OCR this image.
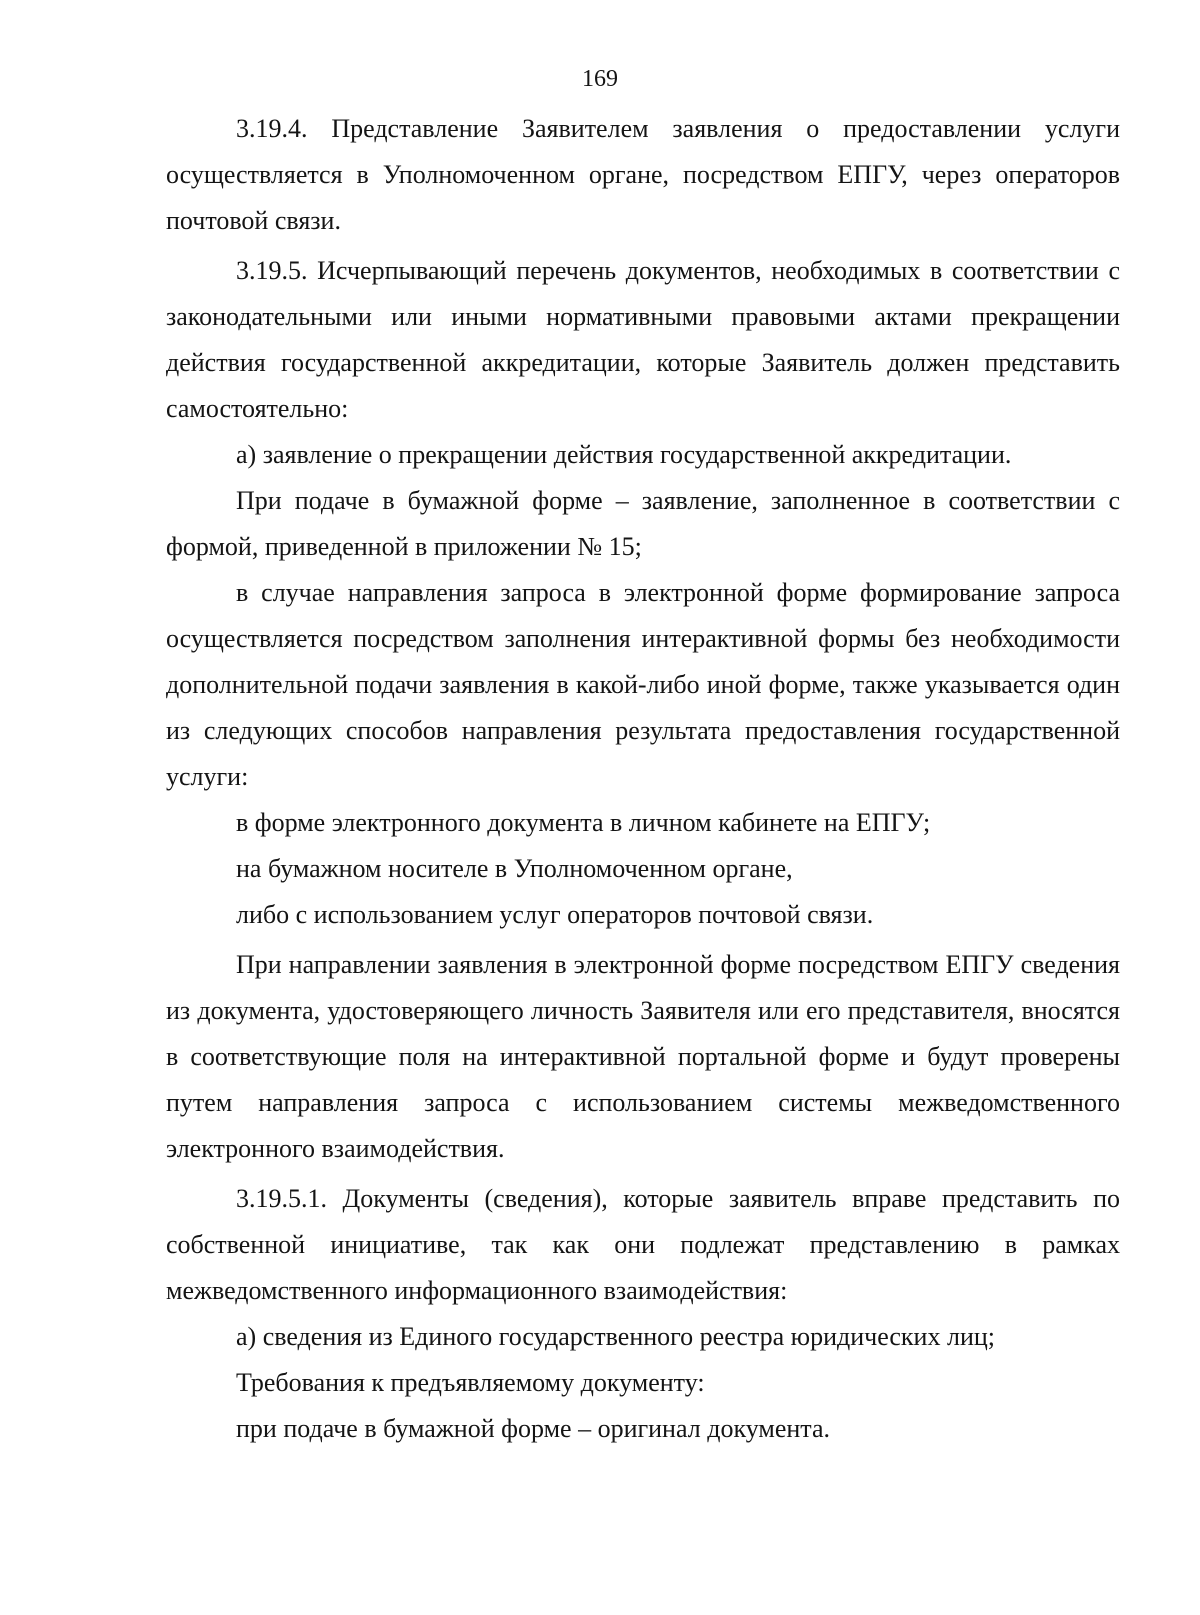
169

3.19.4. Представление Заявителем заявления о предоставлении услуги осуществляется в Уполномоченном органе, посредством ЕПГУ, через операторов почтовой связи.

3.19.5. Исчерпывающий перечень документов, необходимых в соответствии с законодательными или иными нормативными правовыми актами прекращении действия государственной аккредитации, которые Заявитель должен представить самостоятельно:

а) заявление о прекращении действия государственной аккредитации.

При подаче в бумажной форме – заявление, заполненное в соответствии с формой, приведенной в приложении № 15;

в случае направления запроса в электронной форме формирование запроса осуществляется посредством заполнения интерактивной формы без необходимости дополнительной подачи заявления в какой-либо иной форме, также указывается один из следующих способов направления результата предоставления государственной услуги:

в форме электронного документа в личном кабинете на ЕПГУ;

на бумажном носителе в Уполномоченном органе,

либо с использованием услуг операторов почтовой связи.

При направлении заявления в электронной форме посредством ЕПГУ сведения из документа, удостоверяющего личность Заявителя или его представителя, вносятся в соответствующие поля на интерактивной портальной форме и будут проверены путем направления запроса с использованием системы межведомственного электронного взаимодействия.

3.19.5.1. Документы (сведения), которые заявитель вправе представить по собственной инициативе, так как они подлежат представлению в рамках межведомственного информационного взаимодействия:

а) сведения из Единого государственного реестра юридических лиц;

Требования к предъявляемому документу:

при подаче в бумажной форме – оригинал документа.
